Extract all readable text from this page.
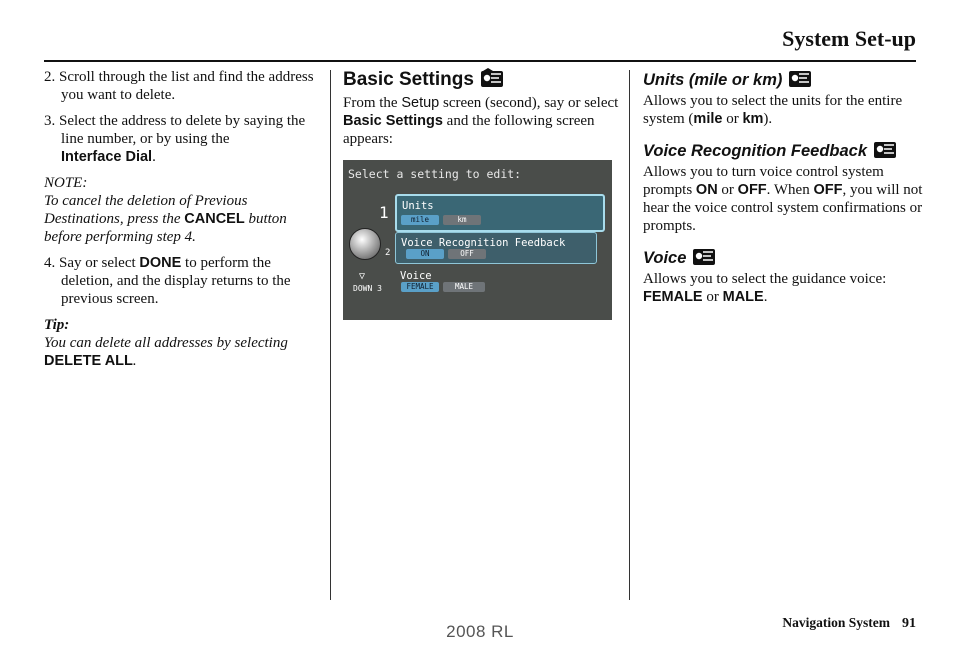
System Set-up

2. Scroll through the list and find the address you want to delete.

3. Select the address to delete by saying the line number, or by using the
Interface Dial.

NOTE:
To cancel the deletion of Previous Destinations, press the CANCEL button before performing step 4.

4. Say or select DONE to perform the deletion, and the display returns to the previous screen.

Tip:
You can delete all addresses by selecting DELETE ALL.
Basic Settings

From the Setup screen (second), say or select Basic Settings and the following screen appears:

Select a setting to edit:
1
2
▽
DOWN 3
Units
mile	km
Voice Recognition Feedback
ON	OFF
Voice
FEMALE	MALE
Units (mile or km)

Allows you to select the units for the entire system (mile or km).

Voice Recognition Feedback

Allows you to turn voice control system prompts ON or OFF. When OFF, you will not hear the voice control system confirmations or prompts.

Voice

Allows you to select the guidance voice:
FEMALE or MALE.

Navigation System 91
2008 RL
